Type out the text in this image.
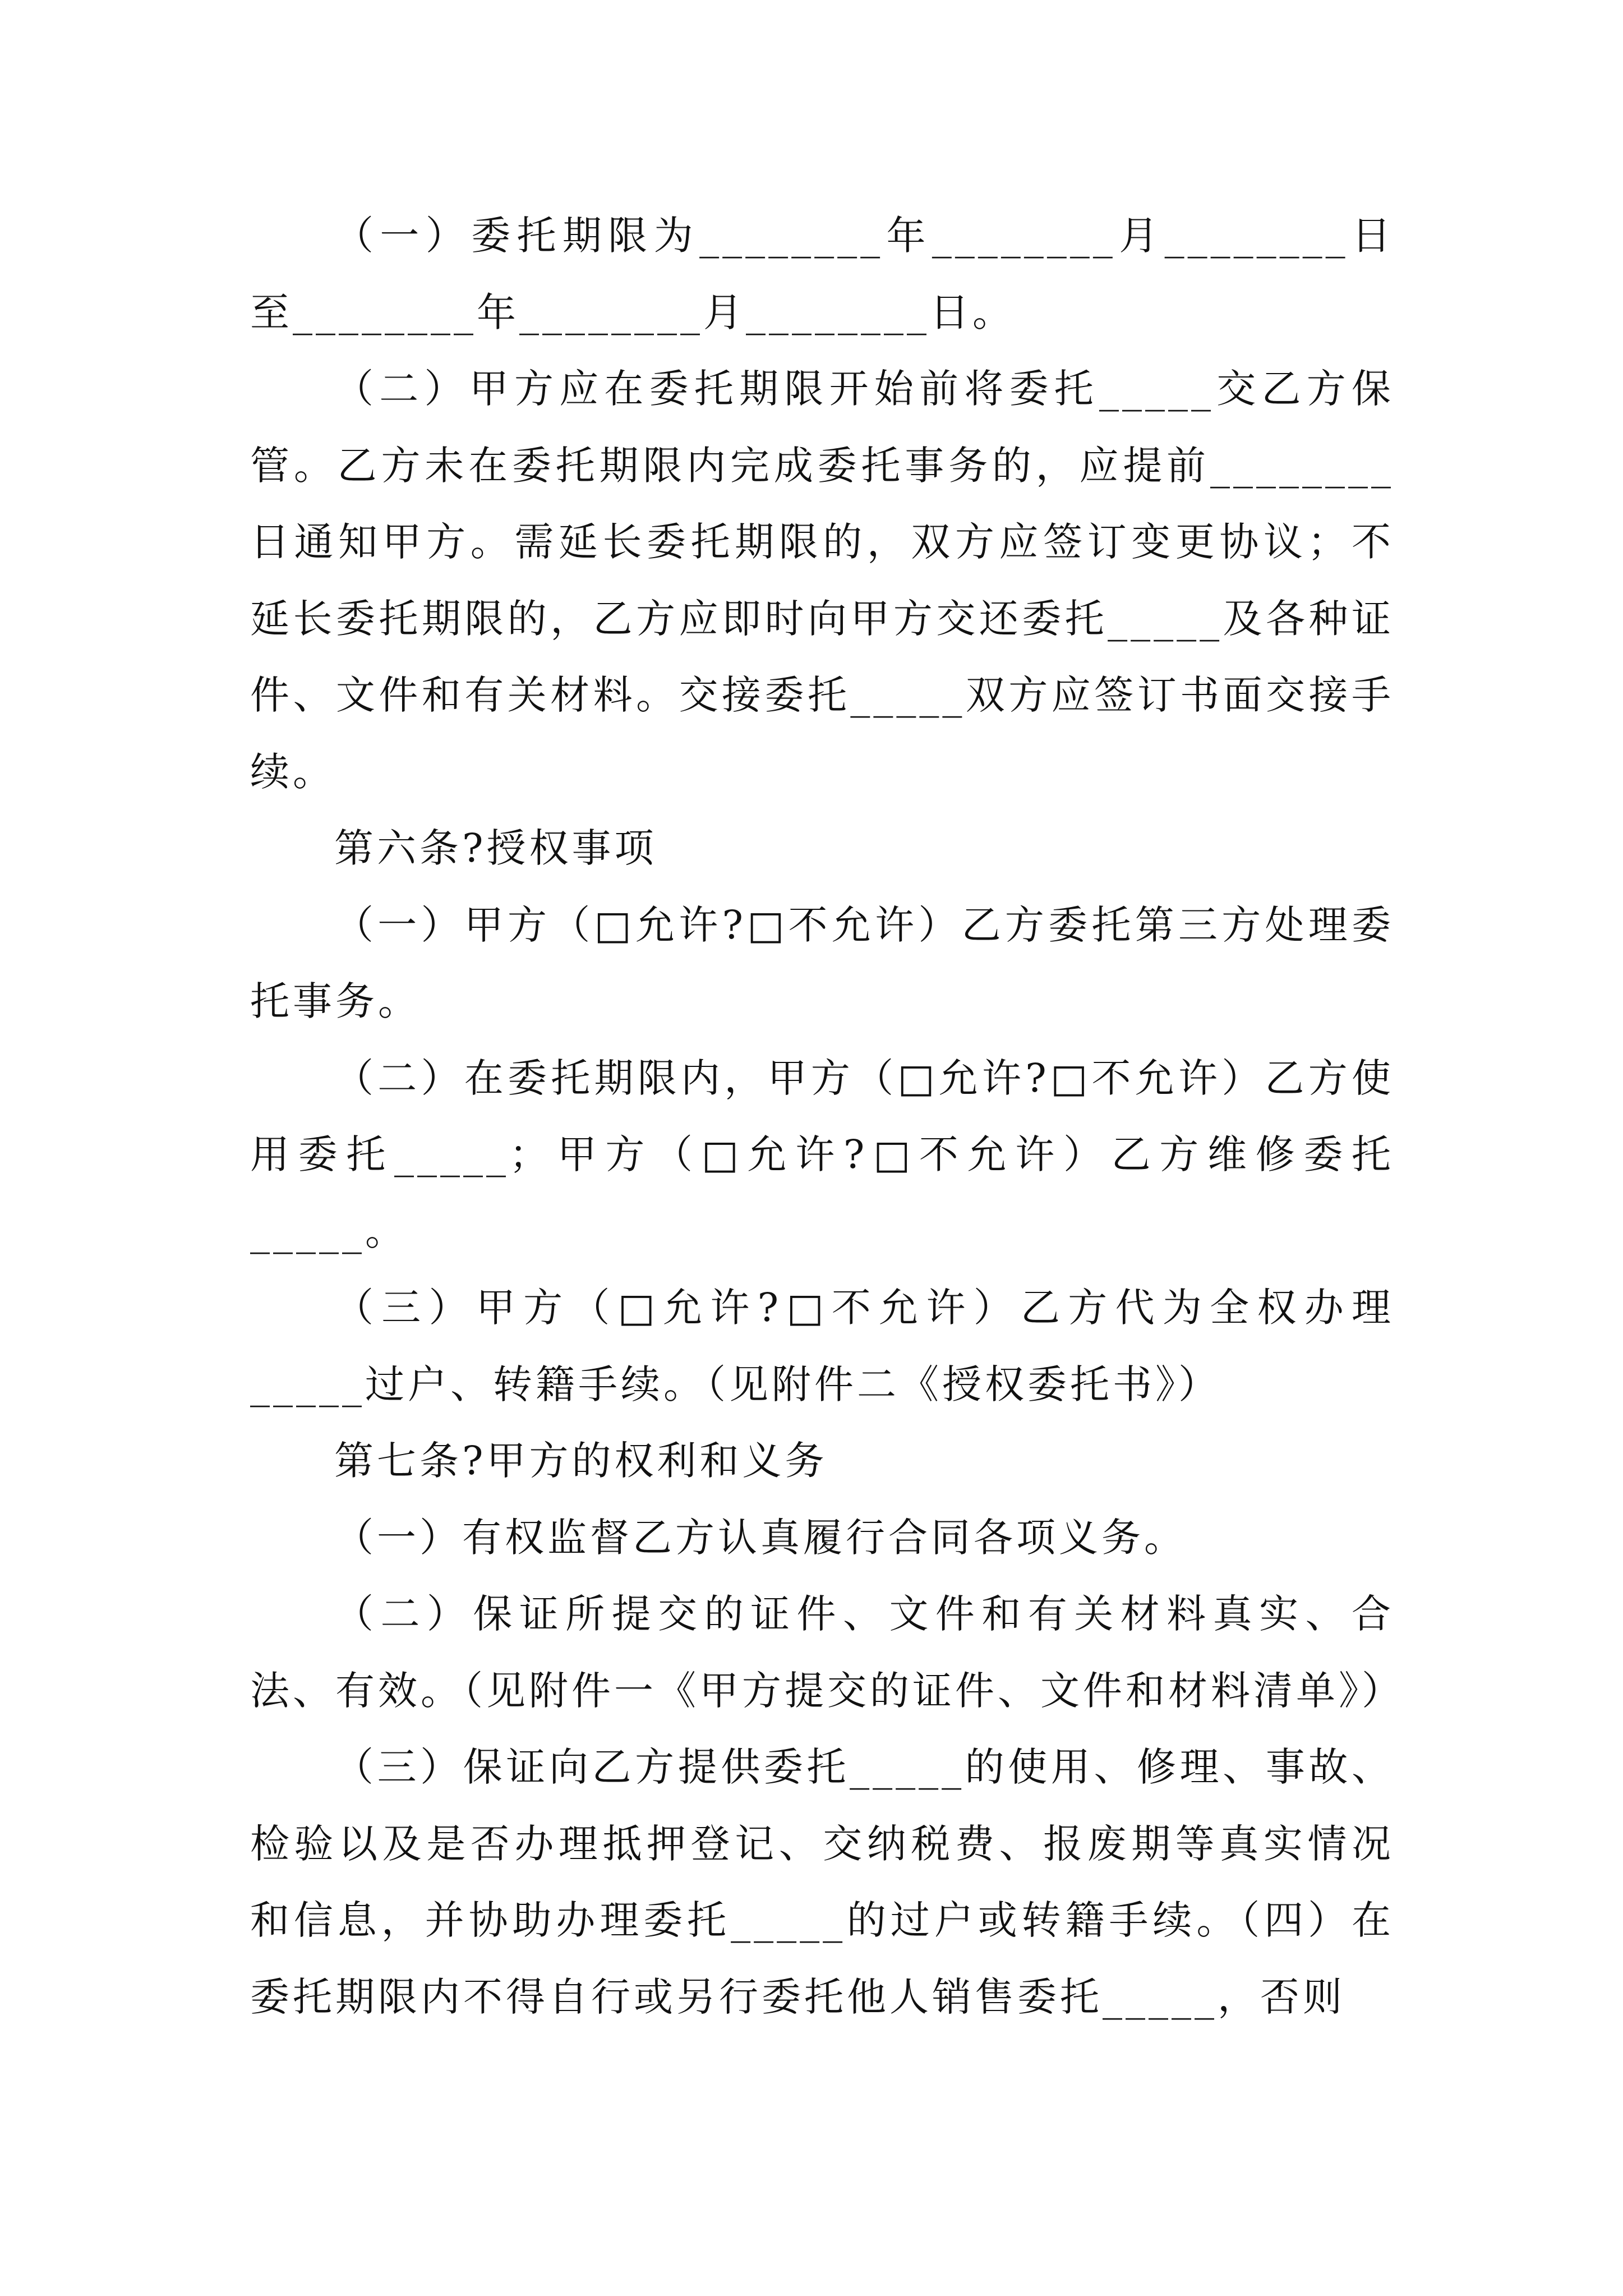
（一）委托期限为________年________月________日至________年________月________日。

（二）甲方应在委托期限开始前将委托_____交乙方保管。乙方未在委托期限内完成委托事务的，应提前________日通知甲方。需延长委托期限的，双方应签订变更协议；不延长委托期限的，乙方应即时向甲方交还委托_____及各种证件、文件和有关材料。交接委托_____双方应签订书面交接手续。

第六条?授权事项

（一）甲方（□允许?□不允许）乙方委托第三方处理委托事务。

（二）在委托期限内，甲方（□允许?□不允许）乙方使用委托_____；甲方（□允许?□不允许）乙方维修委托_____。

（三）甲方（□允许?□不允许）乙方代为全权办理_____过户、转籍手续。（见附件二《授权委托书》）

第七条?甲方的权利和义务

（一）有权监督乙方认真履行合同各项义务。

（二）保证所提交的证件、文件和有关材料真实、合法、有效。（见附件一《甲方提交的证件、文件和材料清单》）

（三）保证向乙方提供委托_____的使用、修理、事故、检验以及是否办理抵押登记、交纳税费、报废期等真实情况和信息，并协助办理委托_____的过户或转籍手续。（四）在委托期限内不得自行或另行委托他人销售委托_____，否则
